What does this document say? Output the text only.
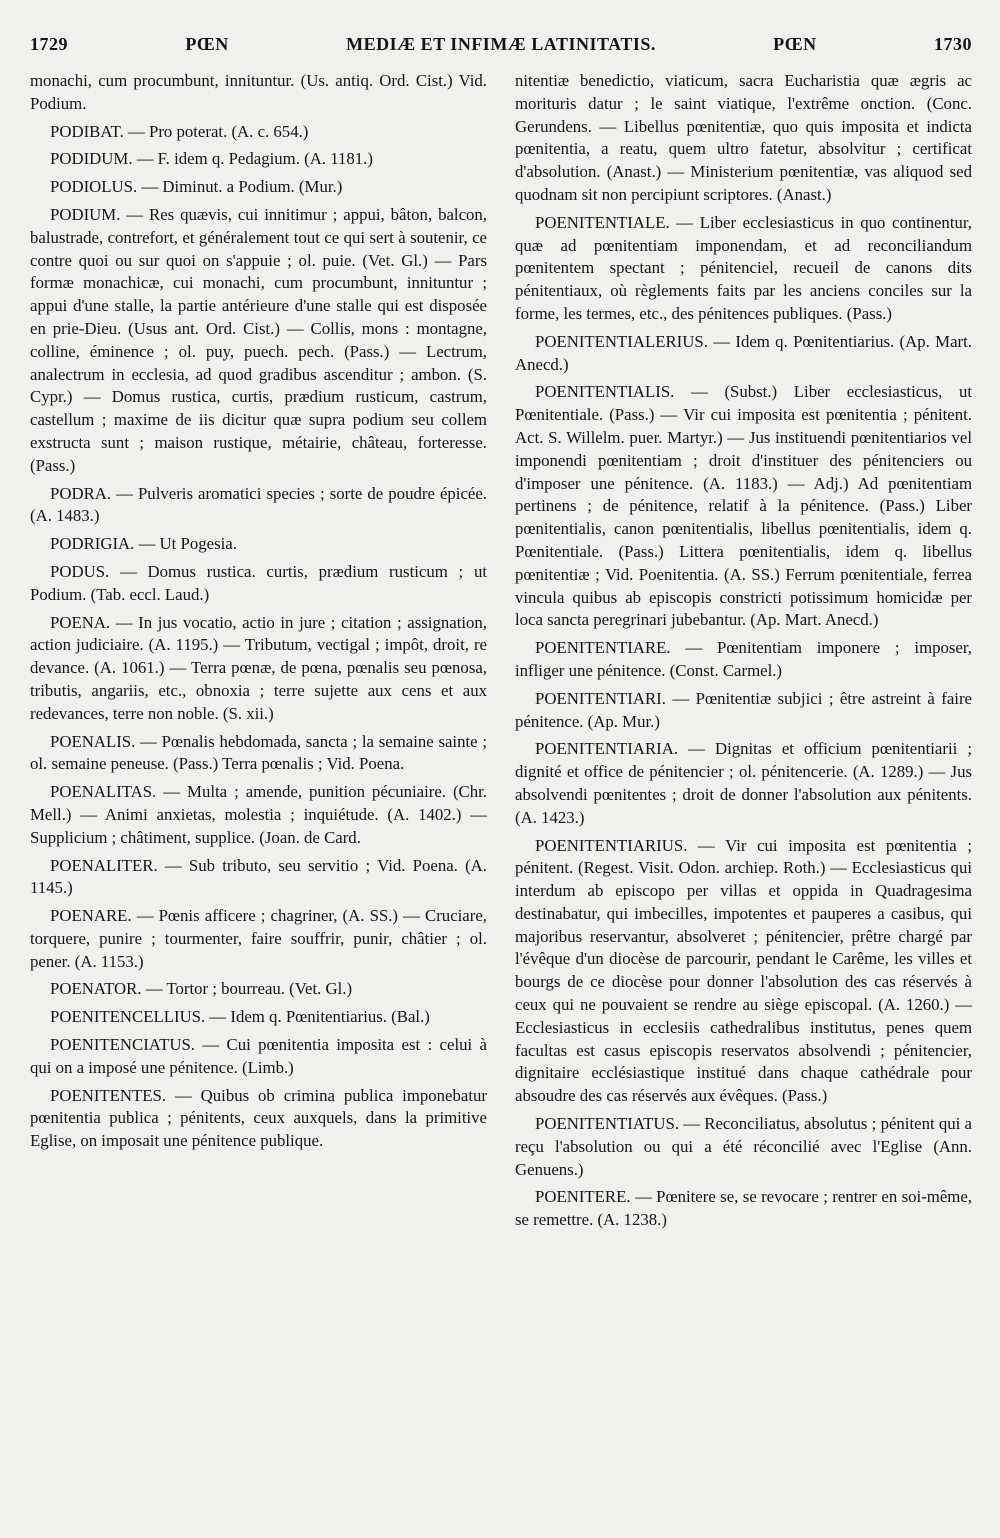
1729	PŒN	MEDIÆ ET INFIMÆ LATINITATIS.	PŒN	1730

monachi, cum procumbunt, innituntur. (Us. antiq. Ord. Cist.) Vid. Podium.

PODIBAT. — Pro poterat. (A. c. 654.)

PODIDUM. — F. idem q. Pedagium. (A. 1181.)

PODIOLUS. — Diminut. a Podium. (Mur.)

PODIUM. — Res quævis, cui innitimur ; appui, bâton, balcon, balustrade, contrefort, et généralement tout ce qui sert à soutenir, ce contre quoi ou sur quoi on s'appuie ; ol. puie. (Vet. Gl.) — Pars formæ monachicæ, cui monachi, cum procumbunt, innituntur ; appui d'une stalle, la partie antérieure d'une stalle qui est disposée en prie-Dieu. (Usus ant. Ord. Cist.) — Collis, mons : montagne, colline, éminence ; ol. puy, puech. pech. (Pass.) — Lectrum, analectrum in ecclesia, ad quod gradibus ascenditur ; ambon. (S. Cypr.) — Domus rustica, curtis, prædium rusticum, castrum, castellum ; maxime de iis dicitur quæ supra podium seu collem exstructa sunt ; maison rustique, métairie, château, forteresse. (Pass.)

PODRA. — Pulveris aromatici species ; sorte de poudre épicée. (A. 1483.)

PODRIGIA. — Ut Pogesia.

PODUS. — Domus rustica. curtis, prædium rusticum ; ut Podium. (Tab. eccl. Laud.)

POENA. — In jus vocatio, actio in jure ; citation ; assignation, action judiciaire. (A. 1195.) — Tributum, vectigal ; impôt, droit, re devance. (A. 1061.) — Terra pœnæ, de pœna, pœnalis seu pœnosa, tributis, angariis, etc., obnoxia ; terre sujette aux cens et aux redevances, terre non noble. (S. xii.)

POENALIS. — Pœnalis hebdomada, sancta ; la semaine sainte ; ol. semaine peneuse. (Pass.) Terra pœnalis ; Vid. Poena.

POENALITAS. — Multa ; amende, punition pécuniaire. (Chr. Mell.) — Animi anxietas, molestia ; inquiétude. (A. 1402.) — Supplicium ; châtiment, supplice. (Joan. de Card.

POENALITER. — Sub tributo, seu servitio ; Vid. Poena. (A. 1145.)

POENARE. — Pœnis afficere ; chagriner, (A. SS.) — Cruciare, torquere, punire ; tourmenter, faire souffrir, punir, châtier ; ol. pener. (A. 1153.)

POENATOR. — Tortor ; bourreau. (Vet. Gl.)

POENITENCELLIUS. — Idem q. Pœnitentiarius. (Bal.)

POENITENCIATUS. — Cui pœnitentia imposita est : celui à qui on a imposé une pénitence. (Limb.)

POENITENTES. — Quibus ob crimina publica imponebatur pœnitentia publica ; pénitents, ceux auxquels, dans la primitive Eglise, on imposait une pénitence publique.

nitentiæ benedictio, viaticum, sacra Eucharistia quæ ægris ac morituris datur ; le saint viatique, l'extrême onction. (Conc. Gerundens. — Libellus pœnitentiæ, quo quis imposita et indicta pœnitentia, a reatu, quem ultro fatetur, absolvitur ; certificat d'absolution. (Anast.) — Ministerium pœnitentiæ, vas aliquod sed quodnam sit non percipiunt scriptores. (Anast.)

POENITENTIALE. — Liber ecclesiasticus in quo continentur, quæ ad pœnitentiam imponendam, et ad reconciliandum pœnitentem spectant ; pénitenciel, recueil de canons dits pénitentiaux, où règlements faits par les anciens conciles sur la forme, les termes, etc., des pénitences publiques. (Pass.)

POENITENTIALERIUS. — Idem q. Pœnitentiarius. (Ap. Mart. Anecd.)

POENITENTIALIS. — (Subst.) Liber ecclesiasticus, ut Pœnitentiale. (Pass.) — Vir cui imposita est pœnitentia ; pénitent. Act. S. Willelm. puer. Martyr.) — Jus instituendi pœnitentiarios vel imponendi pœnitentiam ; droit d'instituer des pénitenciers ou d'imposer une pénitence. (A. 1183.) — Adj.) Ad pœnitentiam pertinens ; de pénitence, relatif à la pénitence. (Pass.) Liber pœnitentialis, canon pœnitentialis, libellus pœnitentialis, idem q. Pœnitentiale. (Pass.) Littera pœnitentialis, idem q. libellus pœnitentiæ ; Vid. Poenitentia. (A. SS.) Ferrum pœnitentiale, ferrea vincula quibus ab episcopis constricti potissimum homicidæ per loca sancta peregrinari jubebantur. (Ap. Mart. Anecd.)

POENITENTIARE. — Pœnitentiam imponere ; imposer, infliger une pénitence. (Const. Carmel.)

POENITENTIARI. — Pœnitentiæ subjici ; être astreint à faire pénitence. (Ap. Mur.)

POENITENTIARIA. — Dignitas et officium pœnitentiarii ; dignité et office de pénitencier ; ol. pénitencerie. (A. 1289.) — Jus absolvendi pœnitentes ; droit de donner l'absolution aux pénitents. (A. 1423.)

POENITENTIARIUS. — Vir cui imposita est pœnitentia ; pénitent. (Regest. Visit. Odon. archiep. Roth.) — Ecclesiasticus qui interdum ab episcopo per villas et oppida in Quadragesima destinabatur, qui imbecilles, impotentes et pauperes a casibus, qui majoribus reservantur, absolveret ; pénitencier, prêtre chargé par l'évêque d'un diocèse de parcourir, pendant le Carême, les villes et bourgs de ce diocèse pour donner l'absolution des cas réservés à ceux qui ne pouvaient se rendre au siège episcopal. (A. 1260.) — Ecclesiasticus in ecclesiis cathedralibus institutus, penes quem facultas est casus episcopis reservatos absolvendi ; pénitencier, dignitaire ecclésiastique institué dans chaque cathédrale pour absoudre des cas réservés aux évêques. (Pass.)

POENITENTIATUS. — Reconciliatus, absolutus ; pénitent qui a reçu l'absolution ou qui a été réconcilié avec l'Eglise (Ann. Genuens.)

POENITERE. — Pœnitere se, se revocare ; rentrer en soi-même, se remettre. (A. 1238.)
